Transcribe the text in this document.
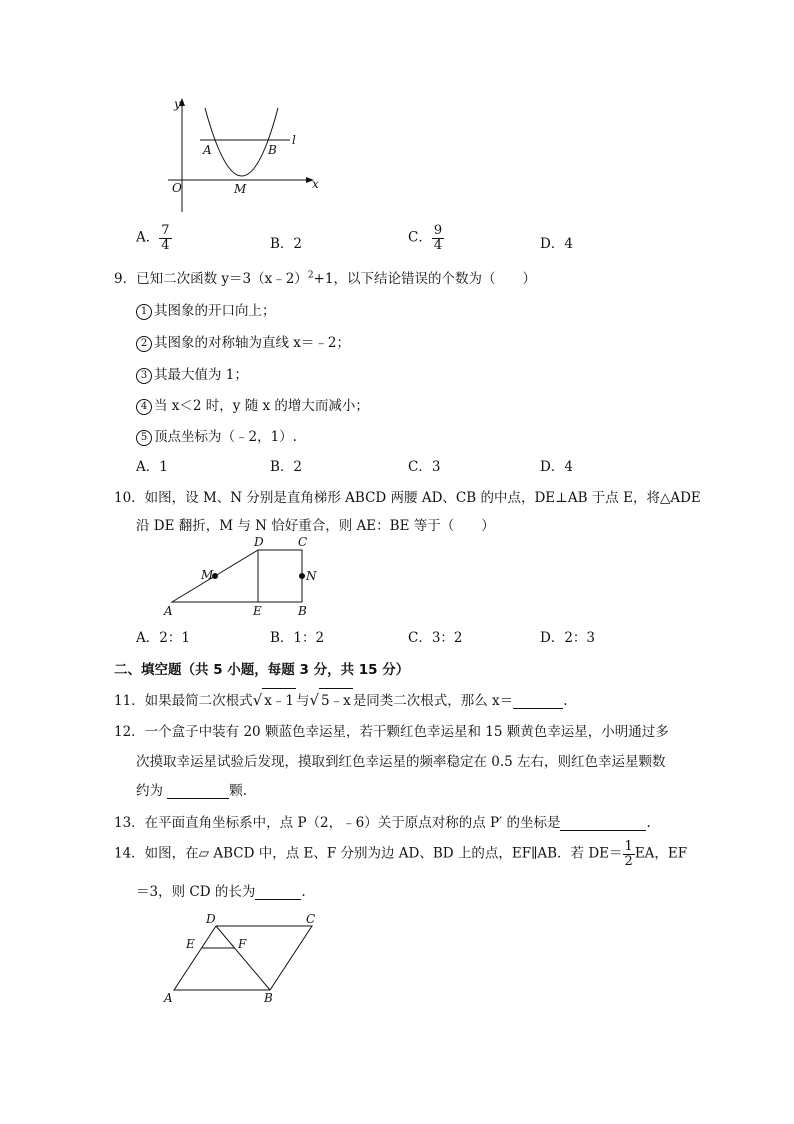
y
x
O
l
A	B
M
A． $\frac{7}{4}$	B．2	C． $\frac{9}{4}$	D．4
9．已知二次函数 y＝3（x﹣2）$^2$+1，以下结论错误的个数为（　　）
1 其图象的开口向上；
2 其图象的对称轴为直线 x＝﹣2；
3 其最大值为 1；
4 当 x＜2 时，y 随 x 的增大而减小；
5 顶点坐标为（﹣2，1）.
A．1	B．2	C．3	D．4
10．如图，设 M、N 分别是直角梯形 ABCD 两腰 AD、CB 的中点，DE⊥AB 于点 E，将△ADE
沿 DE 翻折，M 与 N 恰好重合，则 AE：BE 等于（　　）
D	C
M	N
A	E	B
A．2：1	B．1：2	C．3：2	D．2：3
二、填空题（共 5 小题，每题 3 分，共 15 分）
11．如果最简二次根式√ x﹣1 与√ 5﹣x 是同类二次根式，那么 x＝	.
12．一个盒子中装有 20 颗蓝色幸运星，若干颗红色幸运星和 15 颗黄色幸运星，小明通过多
次摸取幸运星试验后发现，摸取到红色幸运星的频率稳定在 0.5 左右，则红色幸运星颗数
约为	颗.
13．在平面直角坐标系中，点 P（2，﹣6）关于原点对称的点 P′ 的坐标是	.
14．如图，在▱ ABCD 中，点 E、F 分别为边 AD、BD 上的点，EF∥AB．若 $DE= \frac{1}{2}$ EA，EF
＝3，则 CD 的长为	.
D	C
E	F
A	B
